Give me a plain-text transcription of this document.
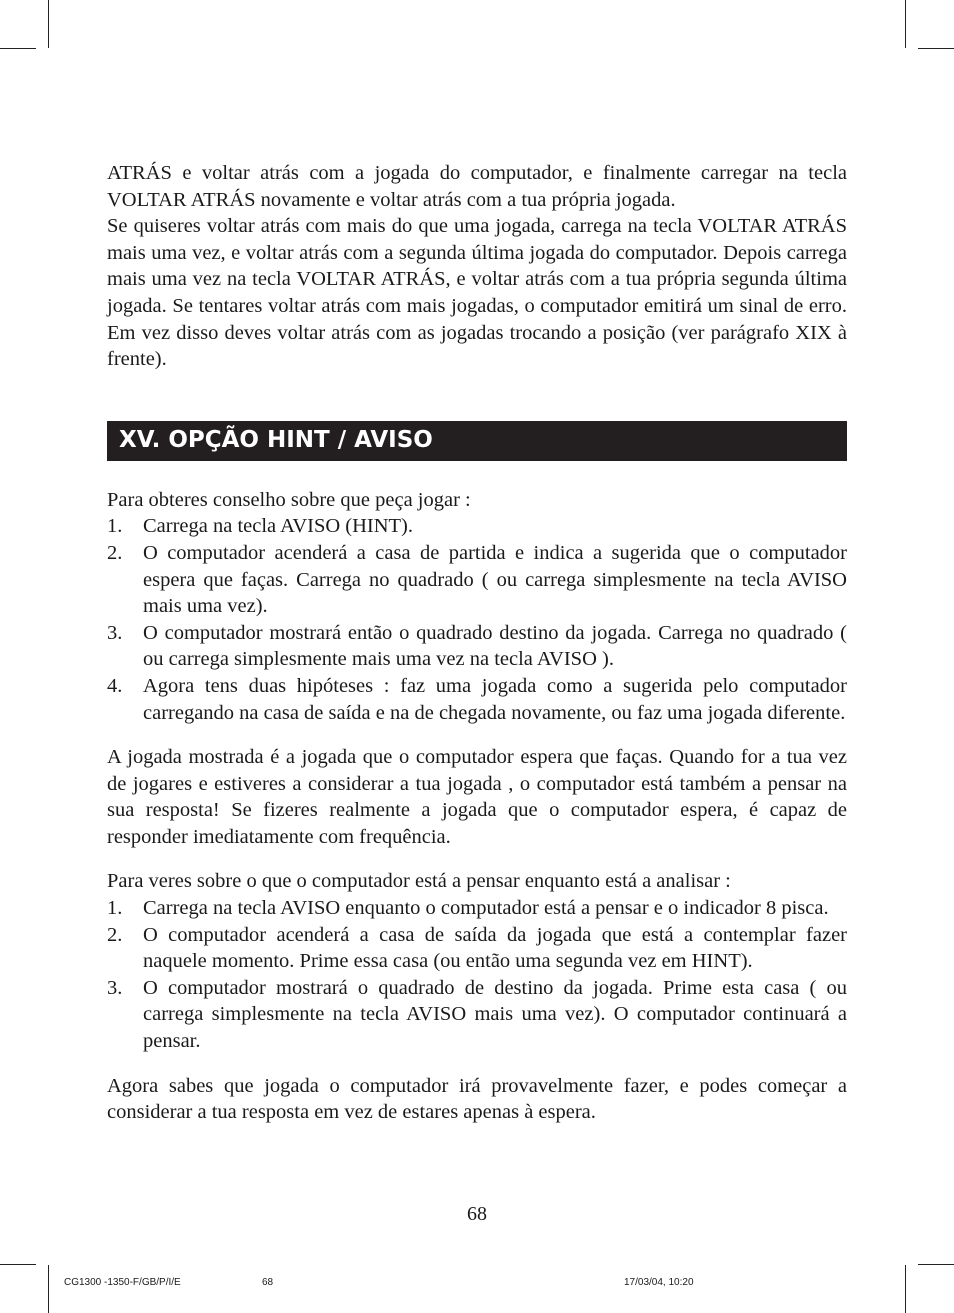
ATRÁS e voltar atrás com a jogada do computador, e finalmente carregar na tecla VOLTAR ATRÁS novamente e voltar atrás com a tua própria jogada.

Se quiseres voltar atrás com mais do que uma jogada, carrega na tecla VOLTAR ATRÁS mais uma vez, e voltar atrás com a segunda última jogada do computador. Depois carrega mais uma vez na tecla VOLTAR ATRÁS, e voltar atrás com a tua própria segunda última jogada. Se tentares voltar atrás com mais jogadas, o computador emitirá um sinal de erro. Em vez disso deves voltar atrás com as jogadas trocando a posição (ver parágrafo XIX à frente).

XV. OPÇÃO HINT / AVISO

Para obteres conselho sobre que peça jogar :

1.	Carrega na tecla AVISO (HINT).
2.	O computador acenderá a casa de partida e indica a sugerida que o computador espera que faças. Carrega no quadrado ( ou carrega simplesmente na tecla AVISO mais uma vez).
3.	O computador mostrará então o quadrado destino da jogada. Carrega no quadrado ( ou carrega simplesmente mais uma vez na tecla AVISO ).
4.	Agora tens duas hipóteses : faz uma jogada como a sugerida pelo computador carregando na casa de saída e na de chegada novamente, ou faz uma jogada diferente.

A jogada mostrada é a jogada que o computador espera que faças. Quando for a tua vez de jogares e estiveres a considerar a tua jogada , o computador está também a pensar na sua resposta! Se fizeres realmente a jogada que o computador espera, é capaz de responder imediatamente com frequência.

Para veres sobre o que o computador está a pensar enquanto está a analisar :

1.	Carrega na tecla AVISO enquanto o computador está a pensar e o indicador 8 pisca.
2.	O computador acenderá a casa de saída da jogada que está a contemplar fazer naquele momento. Prime essa casa (ou então uma segunda vez em HINT).
3.	O computador mostrará o quadrado de destino da jogada. Prime esta casa ( ou carrega simplesmente na tecla AVISO mais uma vez). O computador continuará a pensar.

Agora sabes que jogada o computador irá provavelmente fazer, e podes começar a considerar a tua resposta em vez de estares apenas à espera.

68
CG1300 -1350-F/GB/P/I/E	68	17/03/04, 10:20
